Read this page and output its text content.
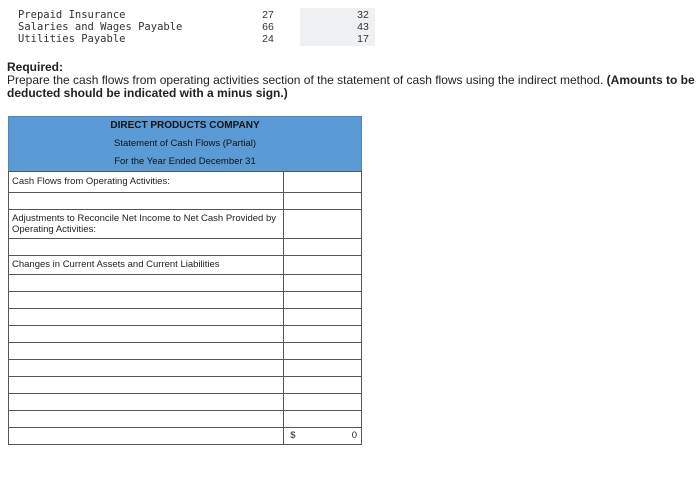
Prepaid Insurance	27	32
Salaries and Wages Payable	66	43
Utilities Payable	24	17
Required:
Prepare the cash flows from operating activities section of the statement of cash flows using the indirect method. (Amounts to be deducted should be indicated with a minus sign.)
DIRECT PRODUCTS COMPANY
Statement of Cash Flows (Partial)
For the Year Ended December 31
Cash Flows from Operating Activities:
Adjustments to Reconcile Net Income to Net Cash Provided by Operating Activities:
Changes in Current Assets and Current Liabilities
$	0
